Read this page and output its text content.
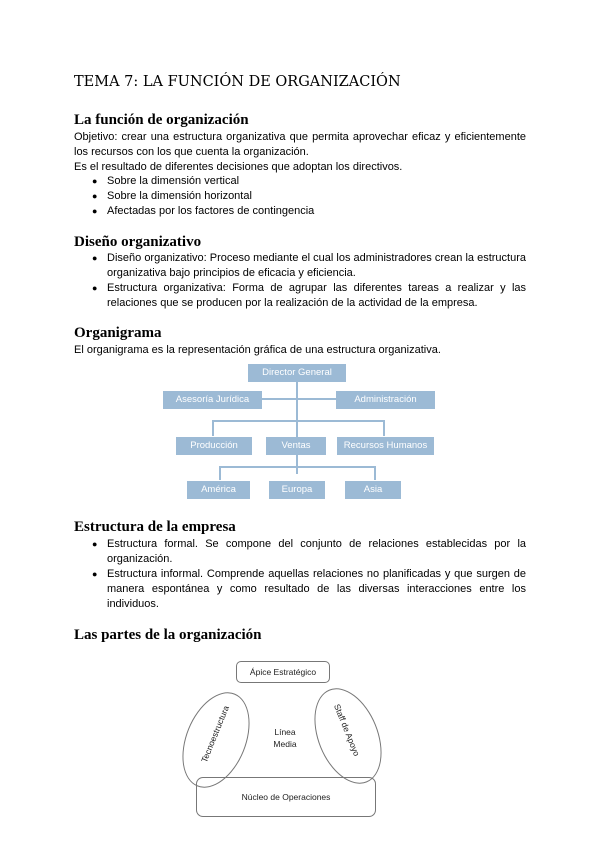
TEMA 7: LA FUNCIÓN DE ORGANIZACIÓN
La función de organización
Objetivo: crear una estructura organizativa que permita aprovechar eficaz y eficientemente los recursos con los que cuenta la organización.
Es el resultado de diferentes decisiones que adoptan los directivos.
● Sobre la dimensión vertical
● Sobre la dimensión horizontal
● Afectadas por los factores de contingencia
Diseño organizativo
● Diseño organizativo: Proceso mediante el cual los administradores crean la estructura organizativa bajo principios de eficacia y eficiencia.
● Estructura organizativa: Forma de agrupar las diferentes tareas a realizar y las relaciones que se producen por la realización de la actividad de la empresa.
Organigrama
El organigrama es la representación gráfica de una estructura organizativa.
Director General
Asesoría Jurídica	Administración
Producción	Ventas	Recursos Humanos
América	Europa	Asia
Estructura de la empresa
● Estructura formal. Se compone del conjunto de relaciones establecidas por la organización.
● Estructura informal. Comprende aquellas relaciones no planificadas y que surgen de manera espontánea y como resultado de las diversas interacciones entre los individuos.
Las partes de la organización
Ápice Estratégico
Núcleo de Operaciones
Tecnoestructura	Staff de Apoyo
Línea
Media
